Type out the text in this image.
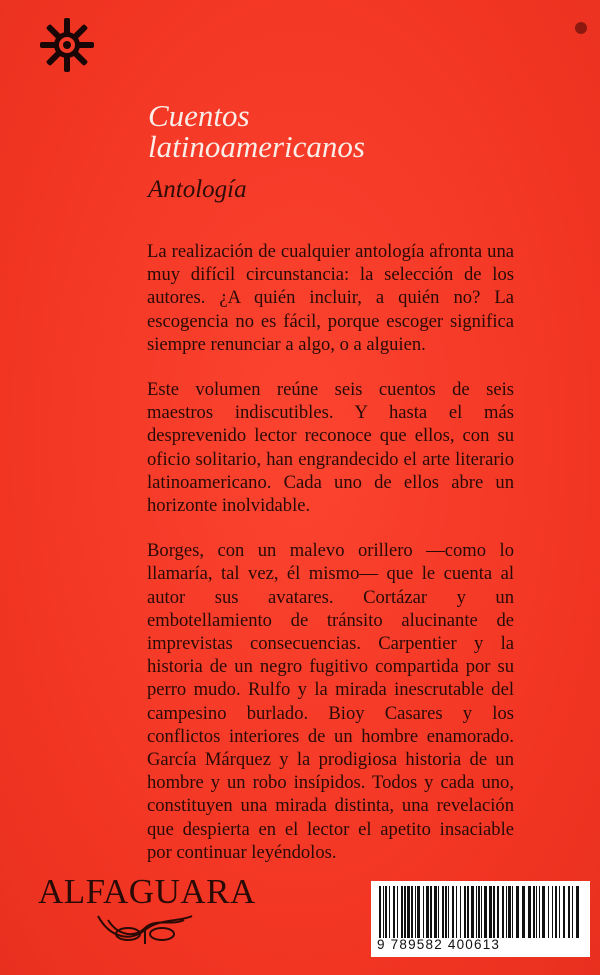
Cuentos
latinoamericanos
Antología

La realización de cualquier antología afronta una muy difícil circunstancia: la selección de los autores. ¿A quién incluir, a quién no? La escogencia no es fácil, porque escoger significa siempre renunciar a algo, o a alguien.

Este volumen reúne seis cuentos de seis maestros indiscutibles. Y hasta el más desprevenido lector reconoce que ellos, con su oficio solitario, han engrandecido el arte literario latinoamericano. Cada uno de ellos abre un horizonte inolvidable.

Borges, con un malevo orillero —como lo llamaría, tal vez, él mismo— que le cuenta al autor sus avatares. Cortázar y un embotellamiento de tránsito alucinante de imprevistas consecuencias. Carpentier y la historia de un negro fugitivo compartida por su perro mudo. Rulfo y la mirada inescrutable del campesino burlado. Bioy Casares y los conflictos interiores de un hombre enamorado. García Márquez y la prodigiosa historia de un hombre y un robo insípidos. Todos y cada uno, constituyen una mirada distinta, una revelación que despierta en el lector el apetito insaciable por continuar leyéndolos.

ALFAGUARA
9 789582 400613
